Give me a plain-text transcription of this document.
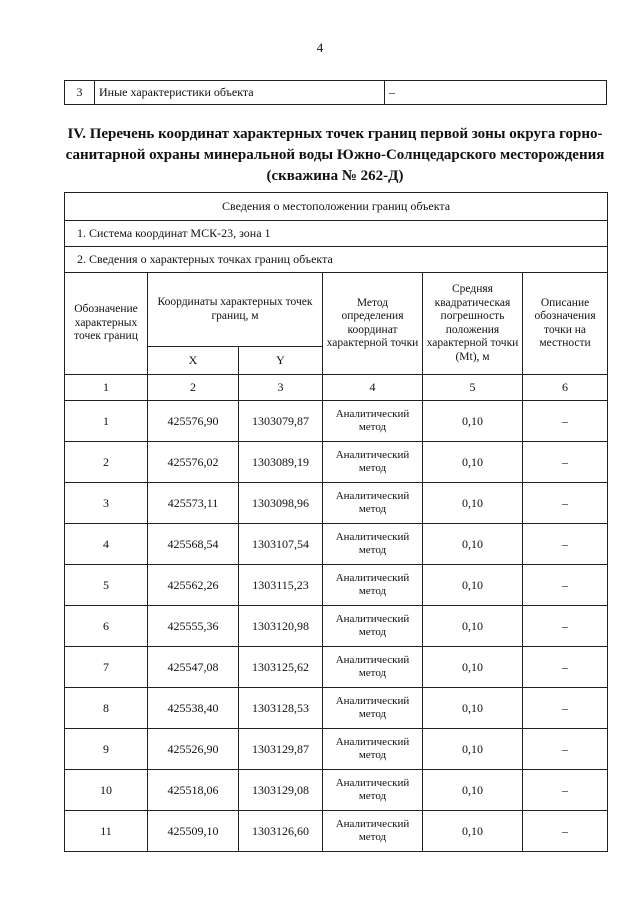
4
3	Иные характеристики объекта	–
IV. Перечень координат характерных точек границ первой зоны округа горно-санитарной охраны минеральной воды Южно-Солнцедарского месторождения (скважина № 262-Д)
Сведения о местоположении границ объекта					
1. Система координат МСК-23, зона 1					
2. Сведения о характерных точках границ объекта					
Обозначение характерных точек границ	Координаты характерных точек границ, м		Метод определения координат характерной точки	Средняя квадратическая погрешность положения характерной точки (Mt), м	Описание обозначения точки на местности
	X	Y			
1	2	3	4	5	6
1	425576,90	1303079,87	Аналитический метод	0,10	–
2	425576,02	1303089,19	Аналитический метод	0,10	–
3	425573,11	1303098,96	Аналитический метод	0,10	–
4	425568,54	1303107,54	Аналитический метод	0,10	–
5	425562,26	1303115,23	Аналитический метод	0,10	–
6	425555,36	1303120,98	Аналитический метод	0,10	–
7	425547,08	1303125,62	Аналитический метод	0,10	–
8	425538,40	1303128,53	Аналитический метод	0,10	–
9	425526,90	1303129,87	Аналитический метод	0,10	–
10	425518,06	1303129,08	Аналитический метод	0,10	–
11	425509,10	1303126,60	Аналитический метод	0,10	–
